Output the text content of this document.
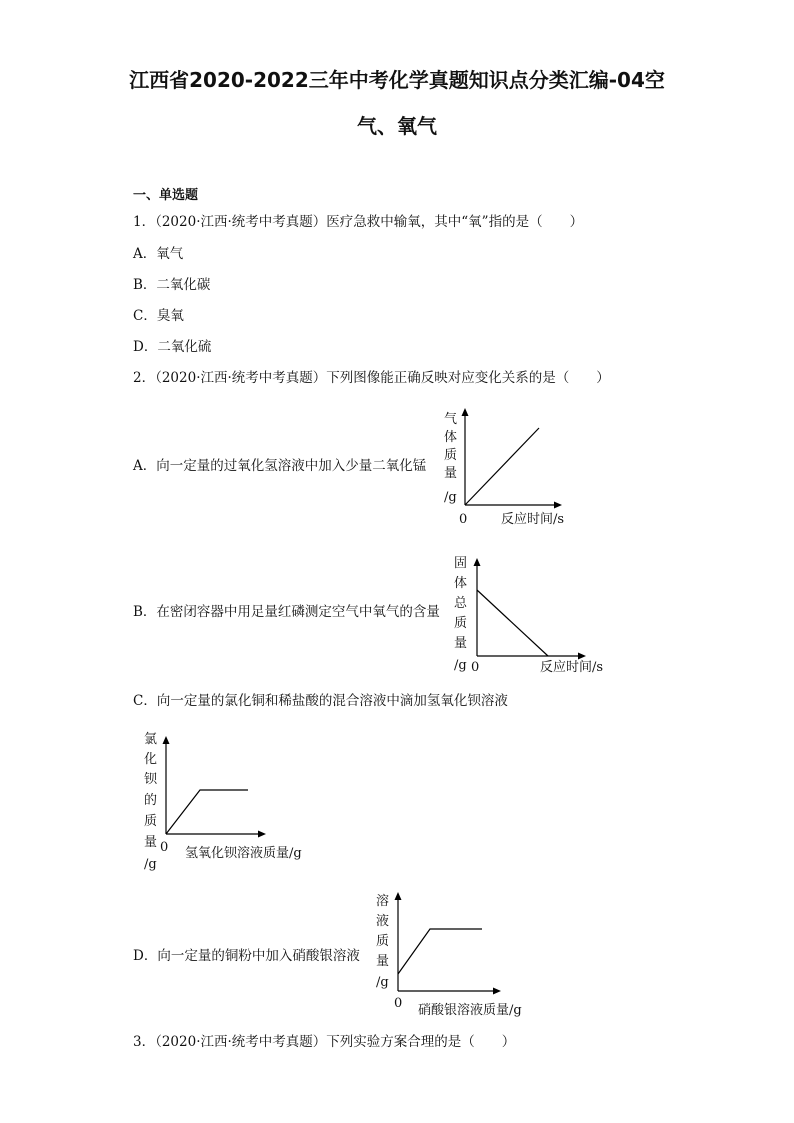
江西省2020-2022三年中考化学真题知识点分类汇编-04空
气、氧气
一、单选题
1．（2020·江西·统考中考真题）医疗急救中输氧，其中“氧”指的是（　　）
A．氧气
B．二氧化碳
C．臭氧
D．二氧化硫
2．（2020·江西·统考中考真题）下列图像能正确反映对应变化关系的是（　　）
A．向一定量的过氧化氢溶液中加入少量二氧化锰
气
体
质
量
/g
0	反应时间/s
B．在密闭容器中用足量红磷测定空气中氧气的含量
固
体
总
质
量
/g 0	反应时间/s
C．向一定量的氯化铜和稀盐酸的混合溶液中滴加氢氧化钡溶液
氯
化
钡
的
质
量
/g
0 氢氧化钡溶液质量/g
D．向一定量的铜粉中加入硝酸银溶液
溶
液
质
量
/g
0 硝酸银溶液质量/g
3．（2020·江西·统考中考真题）下列实验方案合理的是（　　）
